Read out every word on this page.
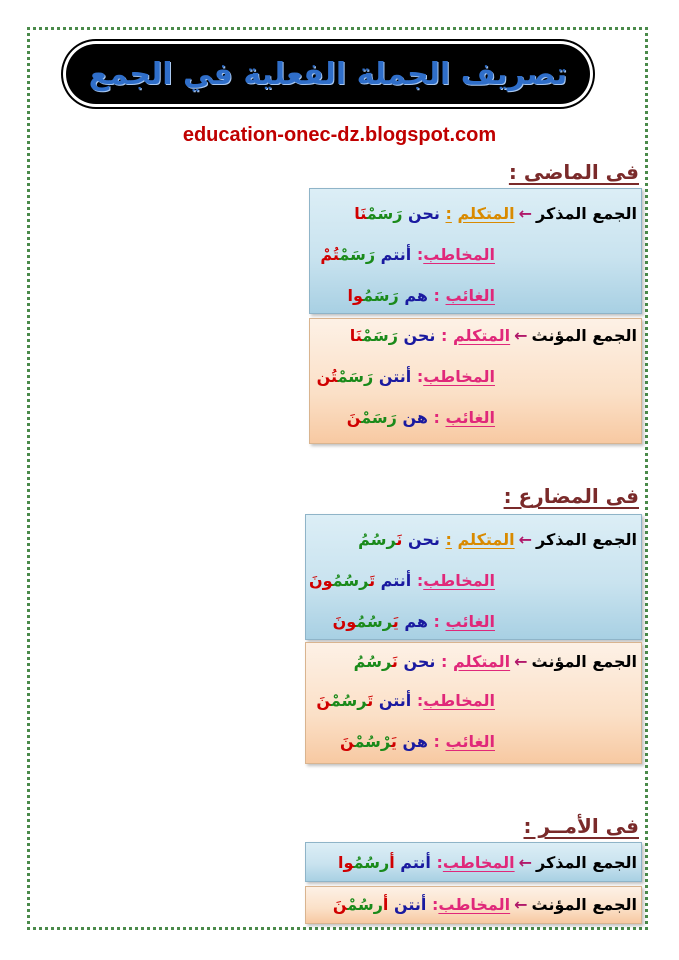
تصريف الجملة الفعلية في الجمع
education-onec-dz.blogspot.com
فى الماضى :
الجمع المذكر←المتكلم : نحن رَسَمْنَا
المخاطب: أنتم رَسَمْتُمْ
الغائب : هم رَسَمُوا
الجمع المؤنث←المتكلم : نحن رَسَمْنَا
المخاطب: أنتن رَسَمْتُن
الغائب : هن رَسَمْنَ
فى المضارع :
الجمع المذكر←المتكلم : نحن نَرسُمُ
المخاطب: أنتم تَرسُمُونَ
الغائب : هم يَرسُمُونَ
الجمع المؤنث←المتكلم : نحن نَرسُمُ
المخاطب: أنتن تَرسُمْنَ
الغائب : هن يَرْسُمْنَ
فى الأمــر :
الجمع المذكر←المخاطب: أنتم أرسُمُوا
الجمع المؤنث←المخاطب: أنتن أرسُمْنَ
